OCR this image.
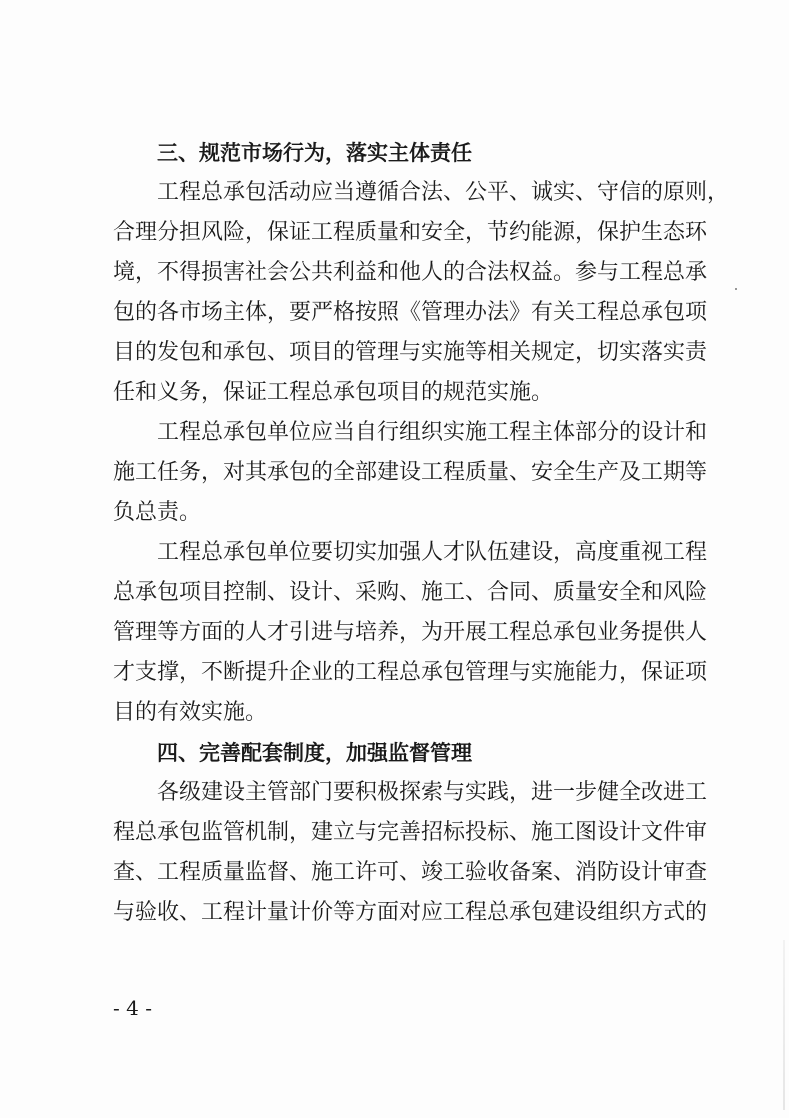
三、规范市场行为，落实主体责任
工程总承包活动应当遵循合法、公平、诚实、守信的原则，
合理分担风险，保证工程质量和安全，节约能源，保护生态环
境，不得损害社会公共利益和他人的合法权益。参与工程总承
包的各市场主体，要严格按照《管理办法》有关工程总承包项
目的发包和承包、项目的管理与实施等相关规定，切实落实责
任和义务，保证工程总承包项目的规范实施。
工程总承包单位应当自行组织实施工程主体部分的设计和
施工任务，对其承包的全部建设工程质量、安全生产及工期等
负总责。
工程总承包单位要切实加强人才队伍建设，高度重视工程
总承包项目控制、设计、采购、施工、合同、质量安全和风险
管理等方面的人才引进与培养，为开展工程总承包业务提供人
才支撑，不断提升企业的工程总承包管理与实施能力，保证项
目的有效实施。
四、完善配套制度，加强监督管理
各级建设主管部门要积极探索与实践，进一步健全改进工
程总承包监管机制，建立与完善招标投标、施工图设计文件审
查、工程质量监督、施工许可、竣工验收备案、消防设计审查
与验收、工程计量计价等方面对应工程总承包建设组织方式的
- 4 -
